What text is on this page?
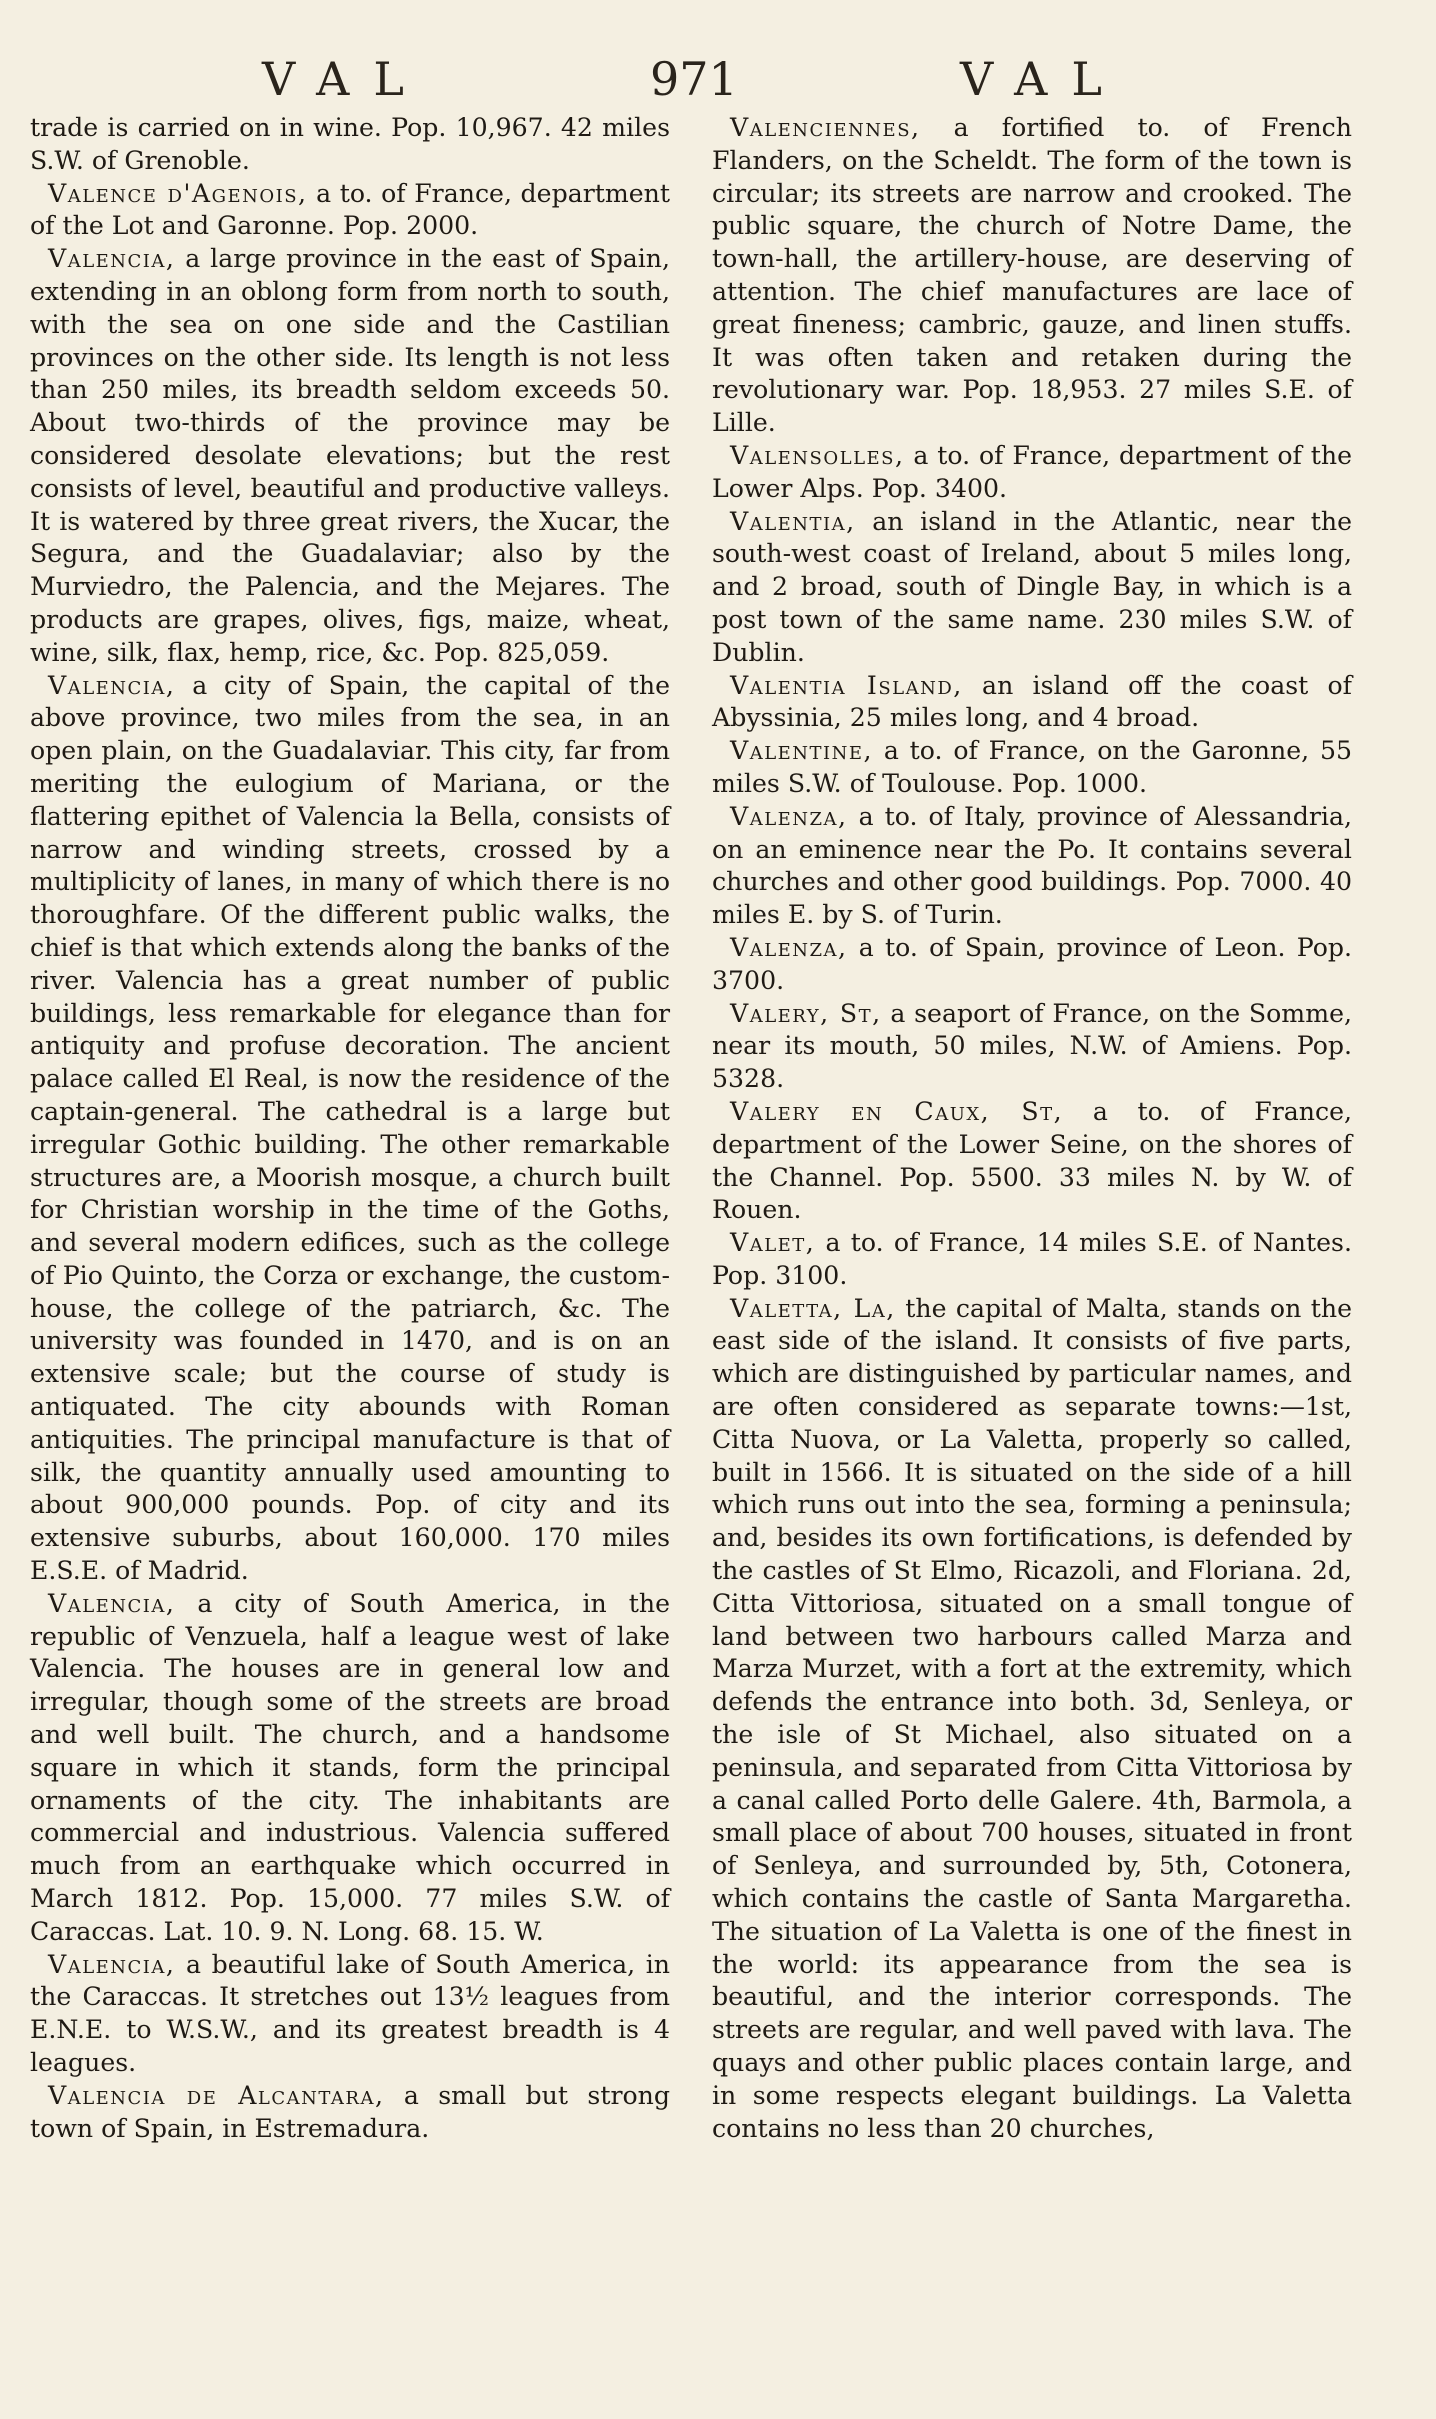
VAL	971	VAL

trade is carried on in wine. Pop. 10,967. 42 miles S.W. of Grenoble.

Valence d'Agenois, a to. of France, department of the Lot and Garonne. Pop. 2000.

Valencia, a large province in the east of Spain, extending in an oblong form from north to south, with the sea on one side and the Castilian provinces on the other side. Its length is not less than 250 miles, its breadth seldom exceeds 50. About two-thirds of the province may be considered desolate elevations; but the rest consists of level, beautiful and productive valleys. It is watered by three great rivers, the Xucar, the Segura, and the Guadalaviar; also by the Murviedro, the Palencia, and the Mejares. The products are grapes, olives, figs, maize, wheat, wine, silk, flax, hemp, rice, &c. Pop. 825,059.

Valencia, a city of Spain, the capital of the above province, two miles from the sea, in an open plain, on the Guadalaviar. This city, far from meriting the eulogium of Mariana, or the flattering epithet of Valencia la Bella, consists of narrow and winding streets, crossed by a multiplicity of lanes, in many of which there is no thoroughfare. Of the different public walks, the chief is that which extends along the banks of the river. Valencia has a great number of public buildings, less remarkable for elegance than for antiquity and profuse decoration. The ancient palace called El Real, is now the residence of the captain-general. The cathedral is a large but irregular Gothic building. The other remarkable structures are, a Moorish mosque, a church built for Christian worship in the time of the Goths, and several modern edifices, such as the college of Pio Quinto, the Corza or exchange, the custom-house, the college of the patriarch, &c. The university was founded in 1470, and is on an extensive scale; but the course of study is antiquated. The city abounds with Roman antiquities. The principal manufacture is that of silk, the quantity annually used amounting to about 900,000 pounds. Pop. of city and its extensive suburbs, about 160,000. 170 miles E.S.E. of Madrid.

Valencia, a city of South America, in the republic of Venzuela, half a league west of lake Valencia. The houses are in general low and irregular, though some of the streets are broad and well built. The church, and a handsome square in which it stands, form the principal ornaments of the city. The inhabitants are commercial and industrious. Valencia suffered much from an earthquake which occurred in March 1812. Pop. 15,000. 77 miles S.W. of Caraccas. Lat. 10. 9. N. Long. 68. 15. W.

Valencia, a beautiful lake of South America, in the Caraccas. It stretches out 13½ leagues from E.N.E. to W.S.W., and its greatest breadth is 4 leagues.

Valencia de Alcantara, a small but strong town of Spain, in Estremadura.

Valenciennes, a fortified to. of French Flanders, on the Scheldt. The form of the town is circular; its streets are narrow and crooked. The public square, the church of Notre Dame, the town-hall, the artillery-house, are deserving of attention. The chief manufactures are lace of great fineness; cambric, gauze, and linen stuffs. It was often taken and retaken during the revolutionary war. Pop. 18,953. 27 miles S.E. of Lille.

Valensolles, a to. of France, department of the Lower Alps. Pop. 3400.

Valentia, an island in the Atlantic, near the south-west coast of Ireland, about 5 miles long, and 2 broad, south of Dingle Bay, in which is a post town of the same name. 230 miles S.W. of Dublin.

Valentia Island, an island off the coast of Abyssinia, 25 miles long, and 4 broad.

Valentine, a to. of France, on the Garonne, 55 miles S.W. of Toulouse. Pop. 1000.

Valenza, a to. of Italy, province of Alessandria, on an eminence near the Po. It contains several churches and other good buildings. Pop. 7000. 40 miles E. by S. of Turin.

Valenza, a to. of Spain, province of Leon. Pop. 3700.

Valery, St, a seaport of France, on the Somme, near its mouth, 50 miles, N.W. of Amiens. Pop. 5328.

Valery en Caux, St, a to. of France, department of the Lower Seine, on the shores of the Channel. Pop. 5500. 33 miles N. by W. of Rouen.

Valet, a to. of France, 14 miles S.E. of Nantes. Pop. 3100.

Valetta, La, the capital of Malta, stands on the east side of the island. It consists of five parts, which are distinguished by particular names, and are often considered as separate towns:—1st, Citta Nuova, or La Valetta, properly so called, built in 1566. It is situated on the side of a hill which runs out into the sea, forming a peninsula; and, besides its own fortifications, is defended by the castles of St Elmo, Ricazoli, and Floriana. 2d, Citta Vittoriosa, situated on a small tongue of land between two harbours called Marza and Marza Murzet, with a fort at the extremity, which defends the entrance into both. 3d, Senleya, or the isle of St Michael, also situated on a peninsula, and separated from Citta Vittoriosa by a canal called Porto delle Galere. 4th, Barmola, a small place of about 700 houses, situated in front of Senleya, and surrounded by, 5th, Cotonera, which contains the castle of Santa Margaretha. The situation of La Valetta is one of the finest in the world: its appearance from the sea is beautiful, and the interior corresponds. The streets are regular, and well paved with lava. The quays and other public places contain large, and in some respects elegant buildings. La Valetta contains no less than 20 churches,
